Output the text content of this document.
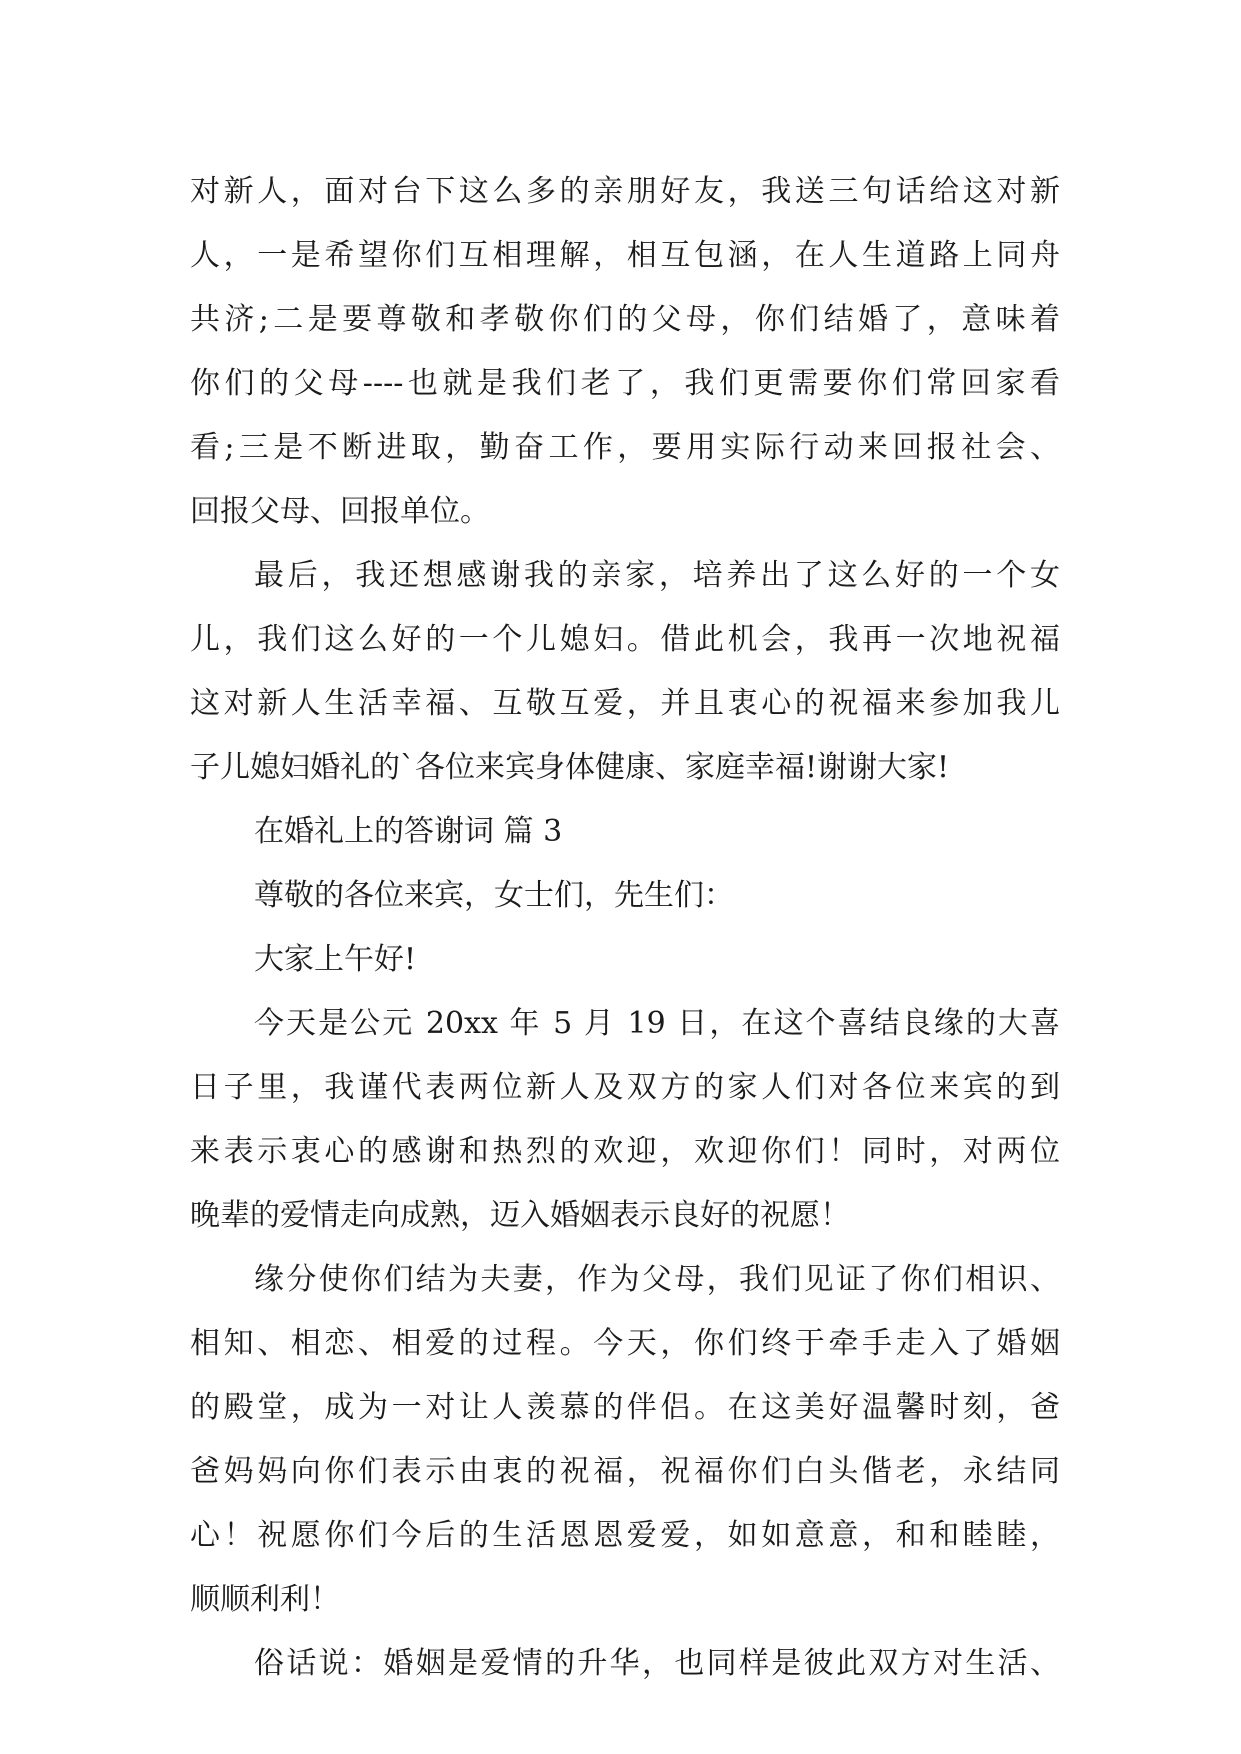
对新人，面对台下这么多的亲朋好友，我送三句话给这对新
人，一是希望你们互相理解，相互包涵，在人生道路上同舟
共济;二是要尊敬和孝敬你们的父母，你们结婚了，意味着
你们的父母----也就是我们老了，我们更需要你们常回家看
看;三是不断进取，勤奋工作，要用实际行动来回报社会、
回报父母、回报单位。
最后，我还想感谢我的亲家，培养出了这么好的一个女
儿，我们这么好的一个儿媳妇。借此机会，我再一次地祝福
这对新人生活幸福、互敬互爱，并且衷心的祝福来参加我儿
子儿媳妇婚礼的`各位来宾身体健康、家庭幸福!谢谢大家!
在婚礼上的答谢词 篇 3
尊敬的各位来宾，女士们，先生们：
大家上午好!
今天是公元 20xx 年 5 月 19 日，在这个喜结良缘的大喜
日子里，我谨代表两位新人及双方的家人们对各位来宾的到
来表示衷心的感谢和热烈的欢迎，欢迎你们！同时，对两位
晚辈的爱情走向成熟，迈入婚姻表示良好的祝愿！
缘分使你们结为夫妻，作为父母，我们见证了你们相识、
相知、相恋、相爱的过程。今天，你们终于牵手走入了婚姻
的殿堂，成为一对让人羡慕的伴侣。在这美好温馨时刻，爸
爸妈妈向你们表示由衷的祝福，祝福你们白头偕老，永结同
心！祝愿你们今后的生活恩恩爱爱，如如意意，和和睦睦，
顺顺利利！
俗话说：婚姻是爱情的升华，也同样是彼此双方对生活、
